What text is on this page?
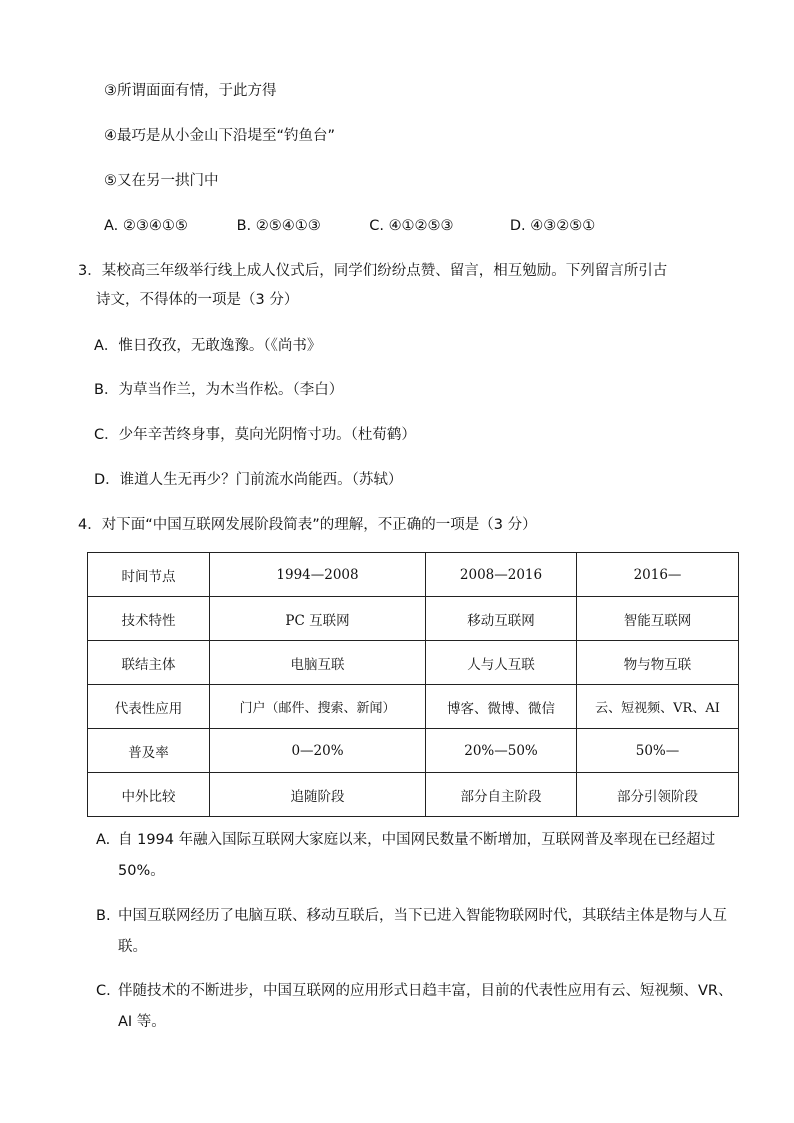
③所谓面面有情，于此方得
④最巧是从小金山下沿堤至“钓鱼台”
⑤又在另一拱门中
A. ②③④①⑤	B. ②⑤④①③	C. ④①②⑤③	D. ④③②⑤①
3．某校高三年级举行线上成人仪式后，同学们纷纷点赞、留言，相互勉励。下列留言所引古
诗文，不得体的一项是（3 分）
A．惟日孜孜，无敢逸豫。（《尚书》
B．为草当作兰，为木当作松。（李白）
C．少年辛苦终身事，莫向光阴惰寸功。（杜荀鹤）
D．谁道人生无再少？门前流水尚能西。（苏轼）
4．对下面“中国互联网发展阶段简表”的理解，不正确的一项是（3 分）
时间节点	1994—2008	2008—2016	2016—
技术特性	PC 互联网	移动互联网	智能互联网
联结主体	电脑互联	人与人互联	物与物互联
代表性应用	门户（邮件、搜索、新闻）	博客、微博、微信	云、短视频、VR、AI
普及率	0—20%	20%—50%	50%—
中外比较	追随阶段	部分自主阶段	部分引领阶段
A. 自 1994 年融入国际互联网大家庭以来，中国网民数量不断增加，互联网普及率现在已经超过 50%。
B. 中国互联网经历了电脑互联、移动互联后，当下已进入智能物联网时代，其联结主体是物与人互联。
C. 伴随技术的不断进步，中国互联网的应用形式日趋丰富，目前的代表性应用有云、短视频、VR、AI 等。
